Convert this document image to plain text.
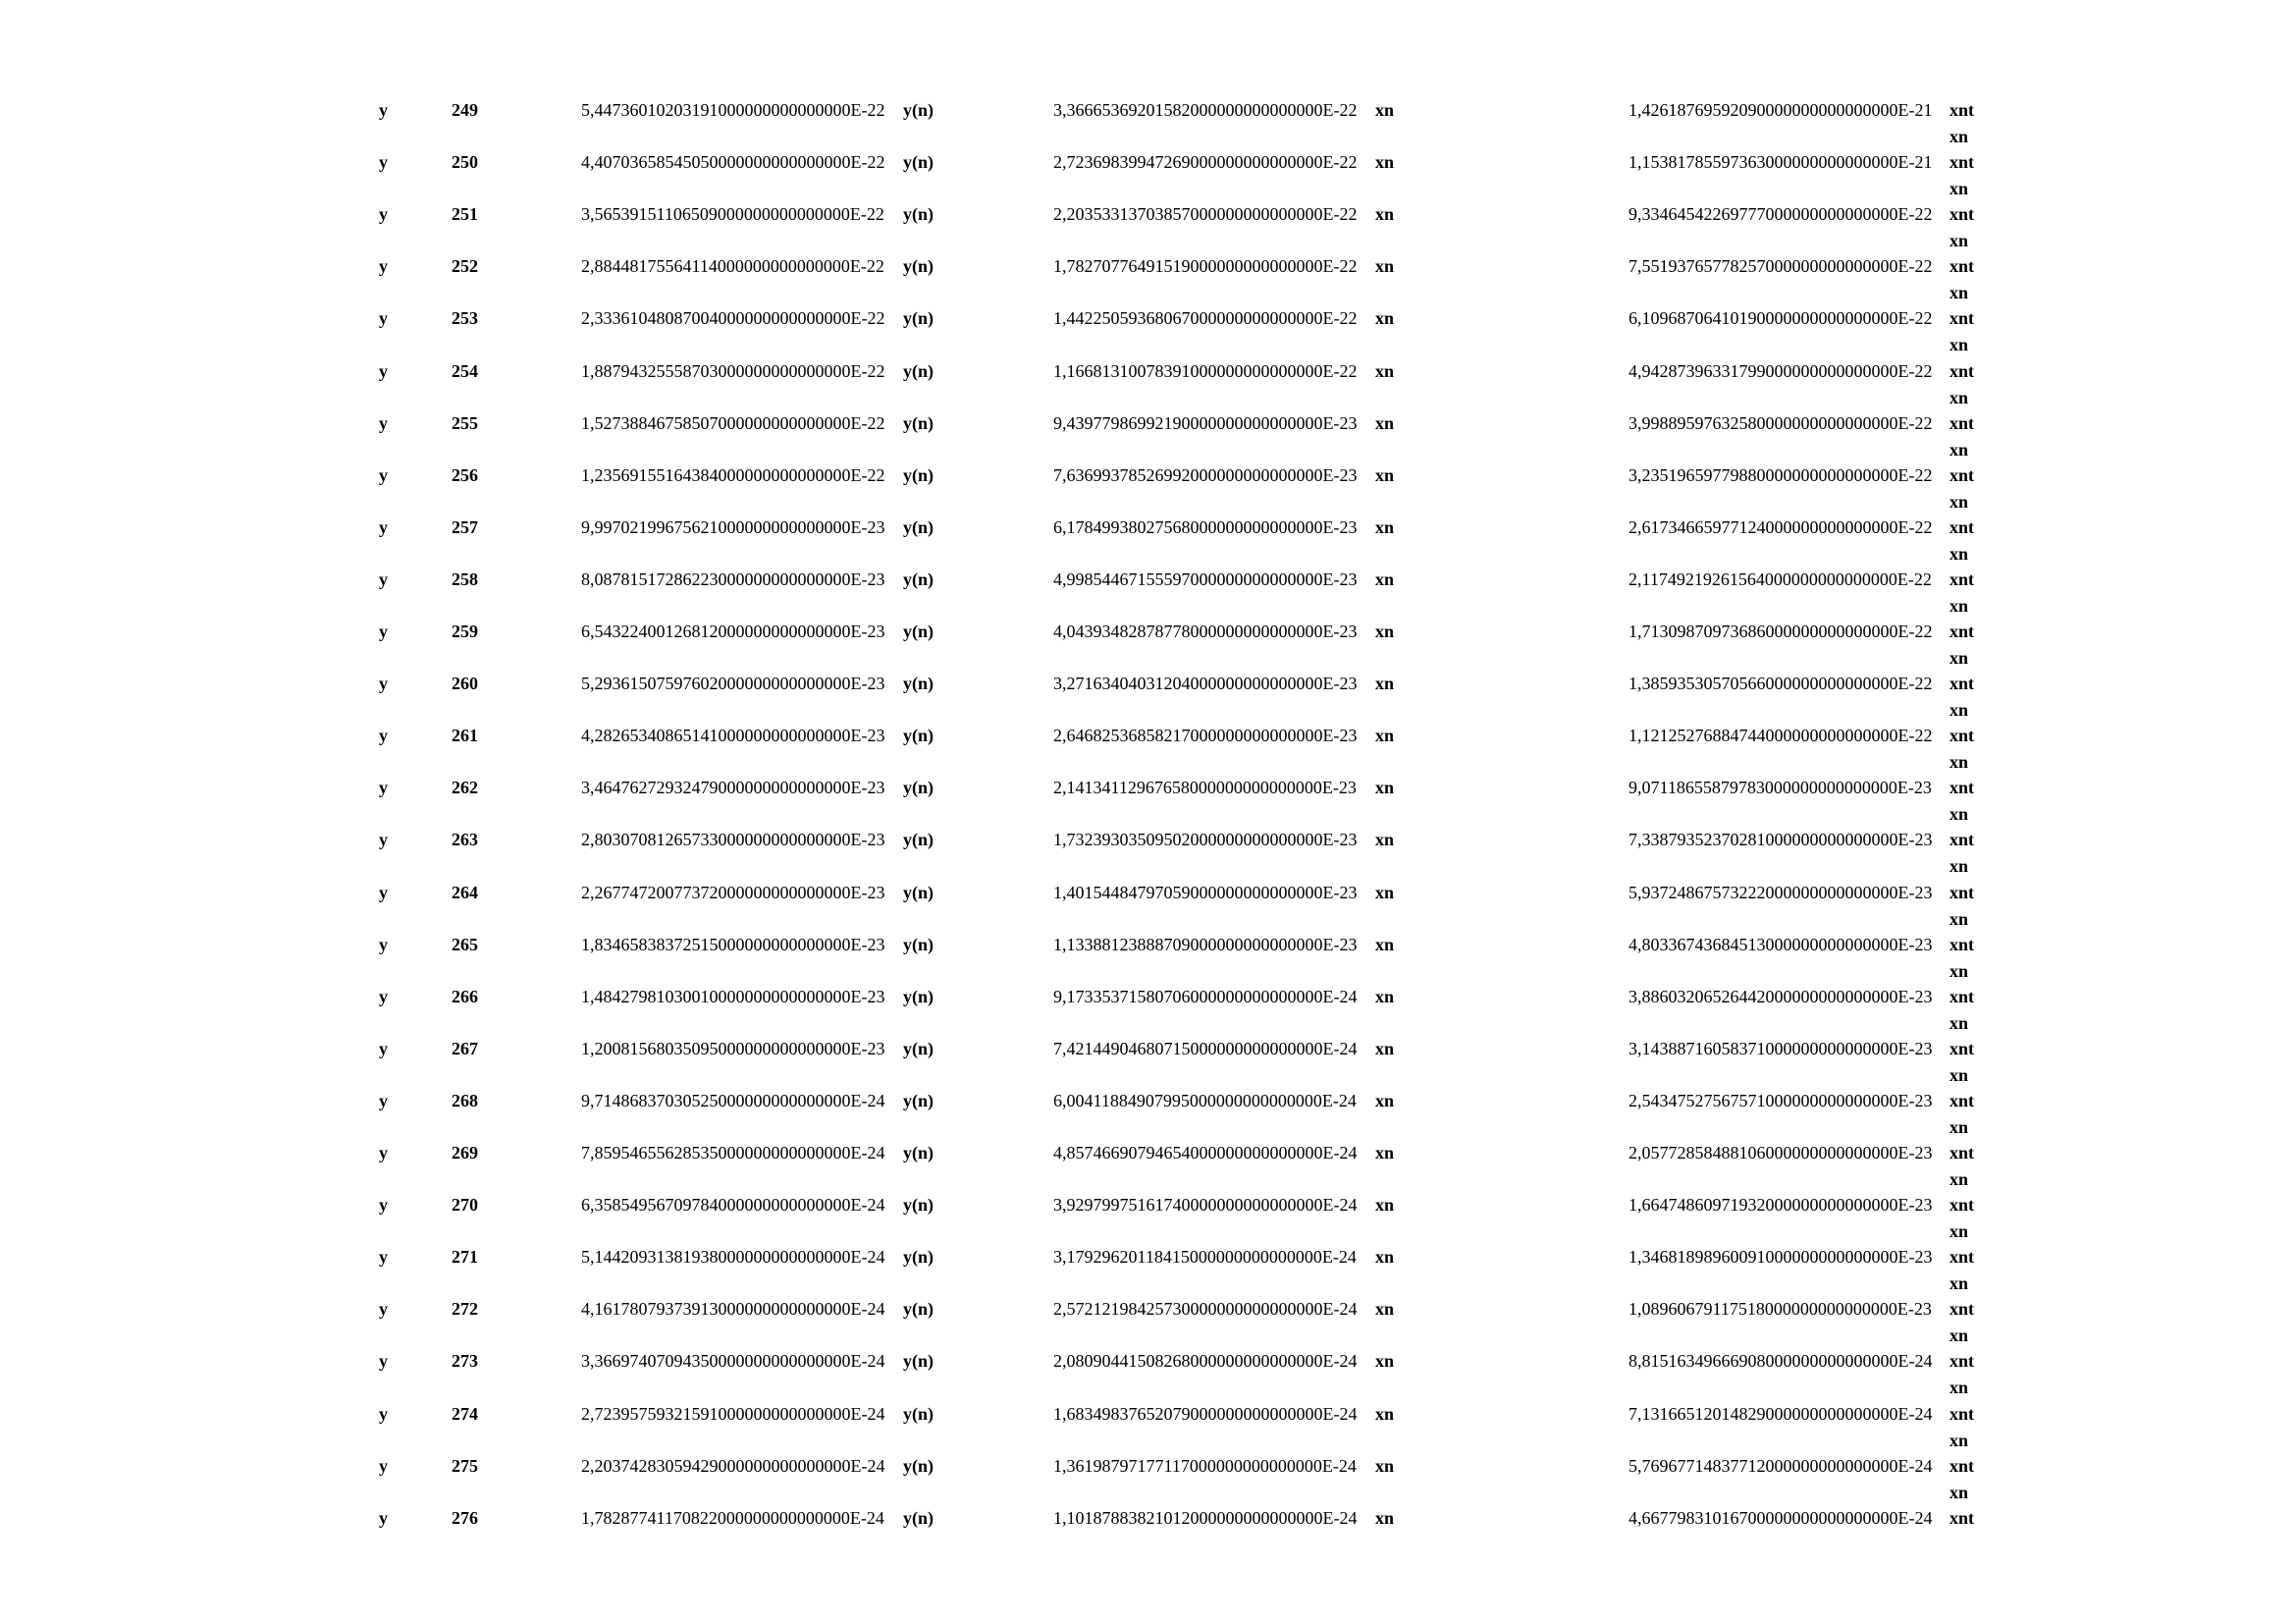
y	249	5,44736010203191000000000000000E-22 y(n)	3,36665369201582000000000000000E-22 xn	1,42618769592090000000000000000E-21 xnt
xn
y	250	4,40703658545050000000000000000E-22 y(n)	2,72369839947269000000000000000E-22 xn	1,15381785597363000000000000000E-21 xnt
xn
y	251	3,56539151106509000000000000000E-22 y(n)	2,20353313703857000000000000000E-22 xn	9,33464542269777000000000000000E-22 xnt
xn
y	252	2,88448175564114000000000000000E-22 y(n)	1,78270776491519000000000000000E-22 xn	7,55193765778257000000000000000E-22 xnt
xn
y	253	2,33361048087004000000000000000E-22 y(n)	1,44225059368067000000000000000E-22 xn	6,10968706410190000000000000000E-22 xnt
xn
y	254	1,88794325558703000000000000000E-22 y(n)	1,16681310078391000000000000000E-22 xn	4,94287396331799000000000000000E-22 xnt
xn
y	255	1,52738846758507000000000000000E-22 y(n)	9,43977986992190000000000000000E-23 xn	3,99889597632580000000000000000E-22 xnt
xn
y	256	1,23569155164384000000000000000E-22 y(n)	7,63699378526992000000000000000E-23 xn	3,23519659779880000000000000000E-22 xnt
xn
y	257	9,99702199675621000000000000000E-23 y(n)	6,17849938027568000000000000000E-23 xn	2,61734665977124000000000000000E-22 xnt
xn
y	258	8,08781517286223000000000000000E-23 y(n)	4,99854467155597000000000000000E-23 xn	2,11749219261564000000000000000E-22 xnt
xn
y	259	6,54322400126812000000000000000E-23 y(n)	4,04393482878778000000000000000E-23 xn	1,71309870973686000000000000000E-22 xnt
xn
y	260	5,29361507597602000000000000000E-23 y(n)	3,27163404031204000000000000000E-23 xn	1,38593530570566000000000000000E-22 xnt
xn
y	261	4,28265340865141000000000000000E-23 y(n)	2,64682536858217000000000000000E-23 xn	1,12125276884744000000000000000E-22 xnt
xn
y	262	3,46476272932479000000000000000E-23 y(n)	2,14134112967658000000000000000E-23 xn	9,07118655879783000000000000000E-23 xnt
xn
y	263	2,80307081265733000000000000000E-23 y(n)	1,73239303509502000000000000000E-23 xn	7,33879352370281000000000000000E-23 xnt
xn
y	264	2,26774720077372000000000000000E-23 y(n)	1,40154484797059000000000000000E-23 xn	5,93724867573222000000000000000E-23 xnt
xn
y	265	1,83465838372515000000000000000E-23 y(n)	1,13388123888709000000000000000E-23 xn	4,80336743684513000000000000000E-23 xnt
xn
y	266	1,48427981030010000000000000000E-23 y(n)	9,17335371580706000000000000000E-24 xn	3,88603206526442000000000000000E-23 xnt
xn
y	267	1,20081568035095000000000000000E-23 y(n)	7,42144904680715000000000000000E-24 xn	3,14388716058371000000000000000E-23 xnt
xn
y	268	9,71486837030525000000000000000E-24 y(n)	6,00411884907995000000000000000E-24 xn	2,54347527567571000000000000000E-23 xnt
xn
y	269	7,85954655628535000000000000000E-24 y(n)	4,85746690794654000000000000000E-24 xn	2,05772858488106000000000000000E-23 xnt
xn
y	270	6,35854956709784000000000000000E-24 y(n)	3,92979975161740000000000000000E-24 xn	1,66474860971932000000000000000E-23 xnt
xn
y	271	5,14420931381938000000000000000E-24 y(n)	3,17929620118415000000000000000E-24 xn	1,34681898960091000000000000000E-23 xnt
xn
y	272	4,16178079373913000000000000000E-24 y(n)	2,57212198425730000000000000000E-24 xn	1,08960679117518000000000000000E-23 xnt
xn
y	273	3,36697407094350000000000000000E-24 y(n)	2,08090441508268000000000000000E-24 xn	8,81516349666908000000000000000E-24 xnt
xn
y	274	2,72395759321591000000000000000E-24 y(n)	1,68349837652079000000000000000E-24 xn	7,13166512014829000000000000000E-24 xnt
xn
y	275	2,20374283059429000000000000000E-24 y(n)	1,36198797177117000000000000000E-24 xn	5,76967714837712000000000000000E-24 xnt
xn
y	276	1,78287741170822000000000000000E-24 y(n)	1,10187883821012000000000000000E-24 xn	4,66779831016700000000000000000E-24 xnt
